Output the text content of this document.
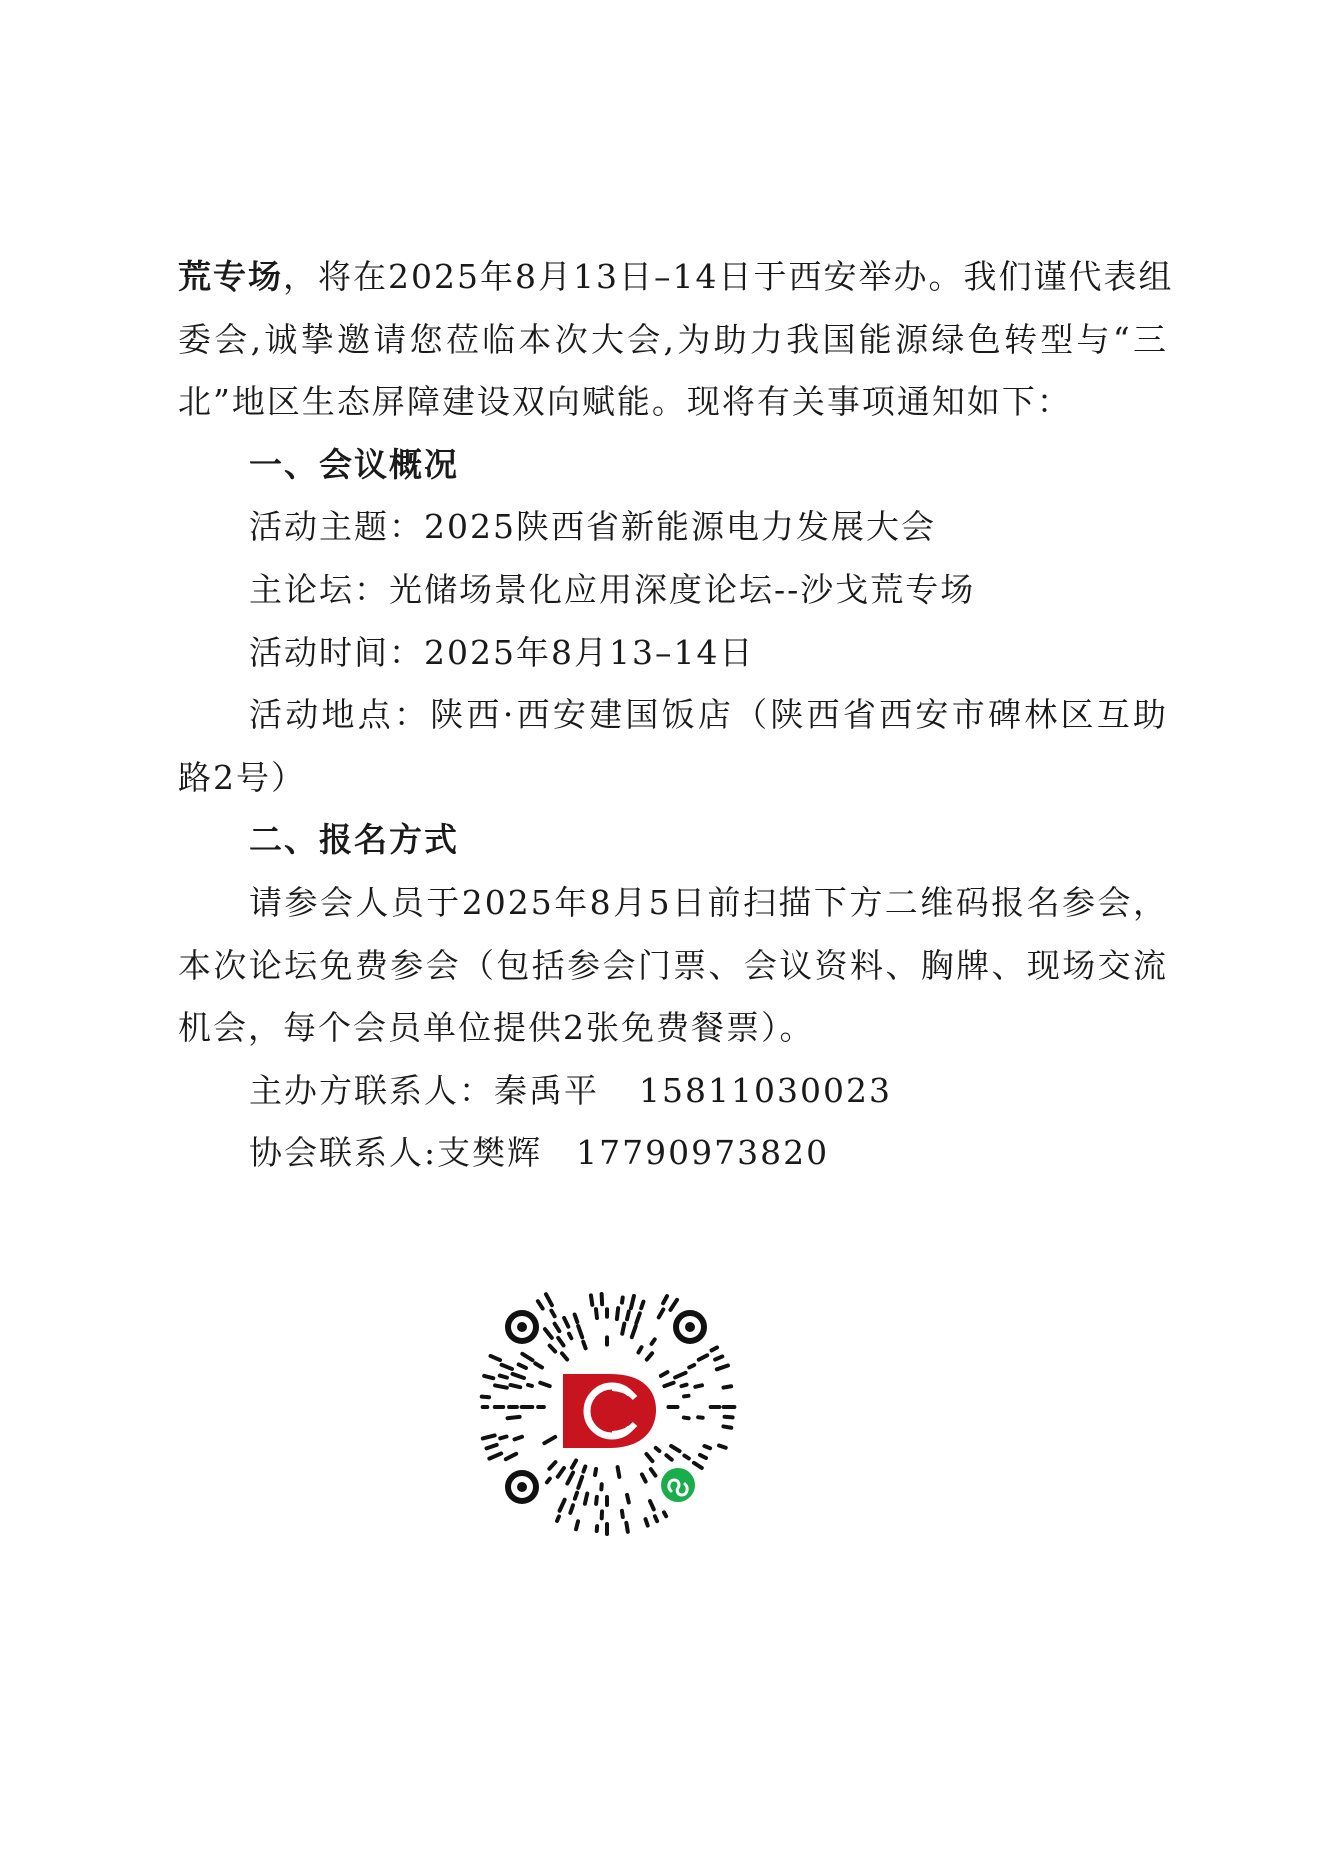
荒专场，将在2025年8月13日–14日于西安举办。我们谨代表组
委会,诚挚邀请您莅临本次大会,为助力我国能源绿色转型与“三
北”地区生态屏障建设双向赋能。现将有关事项通知如下：
一、会议概况
活动主题：2025陕西省新能源电力发展大会
主论坛：光储场景化应用深度论坛--沙戈荒专场
活动时间：2025年8月13–14日
活动地点：陕西·西安建国饭店（陕西省西安市碑林区互助
路2号）
二、报名方式
请参会人员于2025年8月5日前扫描下方二维码报名参会，
本次论坛免费参会（包括参会门票、会议资料、胸牌、现场交流
机会，每个会员单位提供2张免费餐票）。
主办方联系人：秦禹平 15811030023
协会联系人:支樊辉 17790973820
